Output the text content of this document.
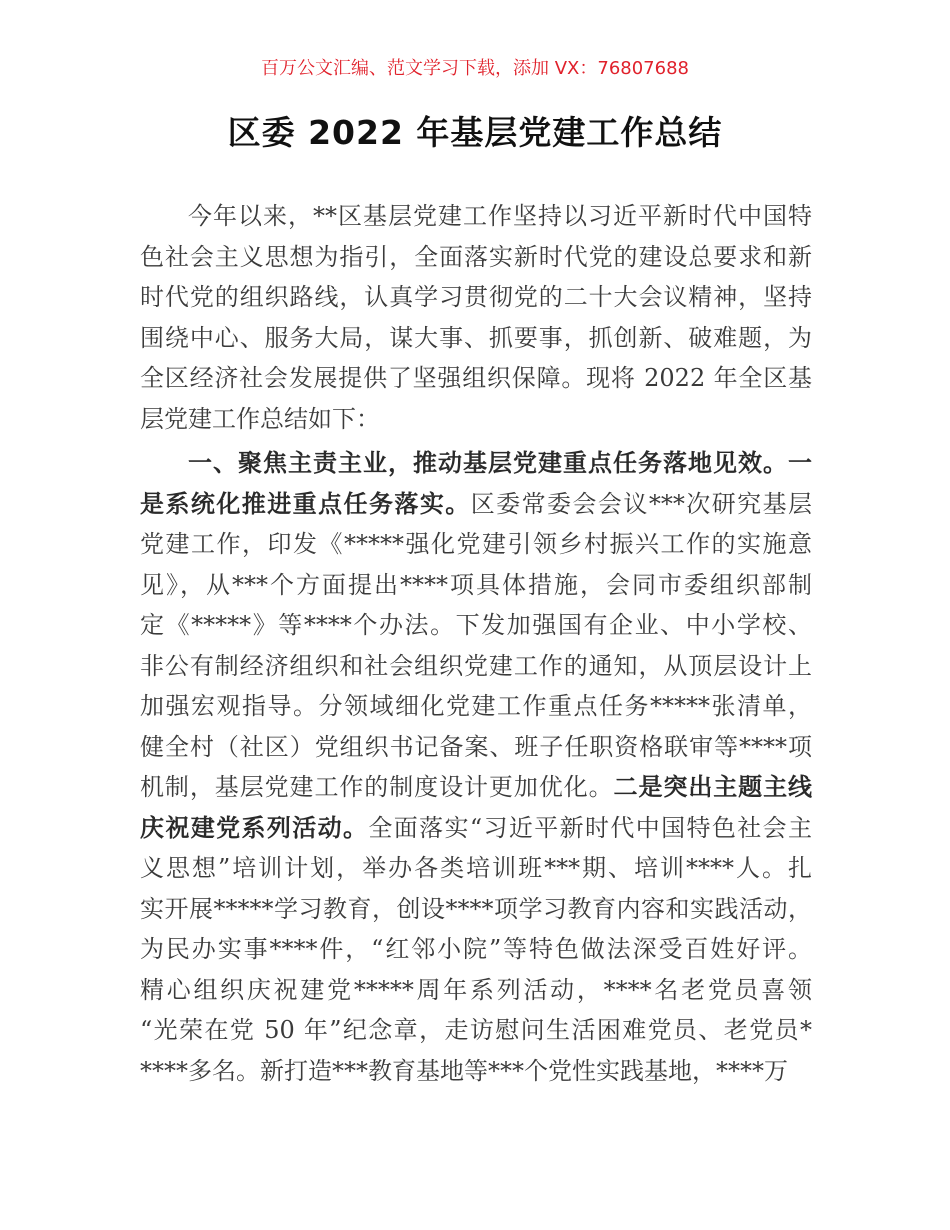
百万公文汇编、范文学习下载，添加 VX：76807688
区委 2022 年基层党建工作总结
今年以来，**区基层党建工作坚持以习近平新时代中国特
色社会主义思想为指引，全面落实新时代党的建设总要求和新
时代党的组织路线，认真学习贯彻党的二十大会议精神，坚持
围绕中心、服务大局，谋大事、抓要事，抓创新、破难题，为
全区经济社会发展提供了坚强组织保障。现将 2022 年全区基
层党建工作总结如下：
一、聚焦主责主业，推动基层党建重点任务落地见效。一
是系统化推进重点任务落实。区委常委会会议***次研究基层
党建工作，印发《*****强化党建引领乡村振兴工作的实施意
见》，从***个方面提出****项具体措施，会同市委组织部制
定《*****》等****个办法。下发加强国有企业、中小学校、
非公有制经济组织和社会组织党建工作的通知，从顶层设计上
加强宏观指导。分领域细化党建工作重点任务*****张清单，
健全村（社区）党组织书记备案、班子任职资格联审等****项
机制，基层党建工作的制度设计更加优化。二是突出主题主线
庆祝建党系列活动。全面落实“习近平新时代中国特色社会主
义思想”培训计划，举办各类培训班***期、培训****人。扎
实开展*****学习教育，创设****项学习教育内容和实践活动，
为民办实事****件，“红邻小院”等特色做法深受百姓好评。
精心组织庆祝建党*****周年系列活动，****名老党员喜领
“光荣在党 50 年”纪念章，走访慰问生活困难党员、老党员*
****多名。新打造***教育基地等***个党性实践基地，****万
